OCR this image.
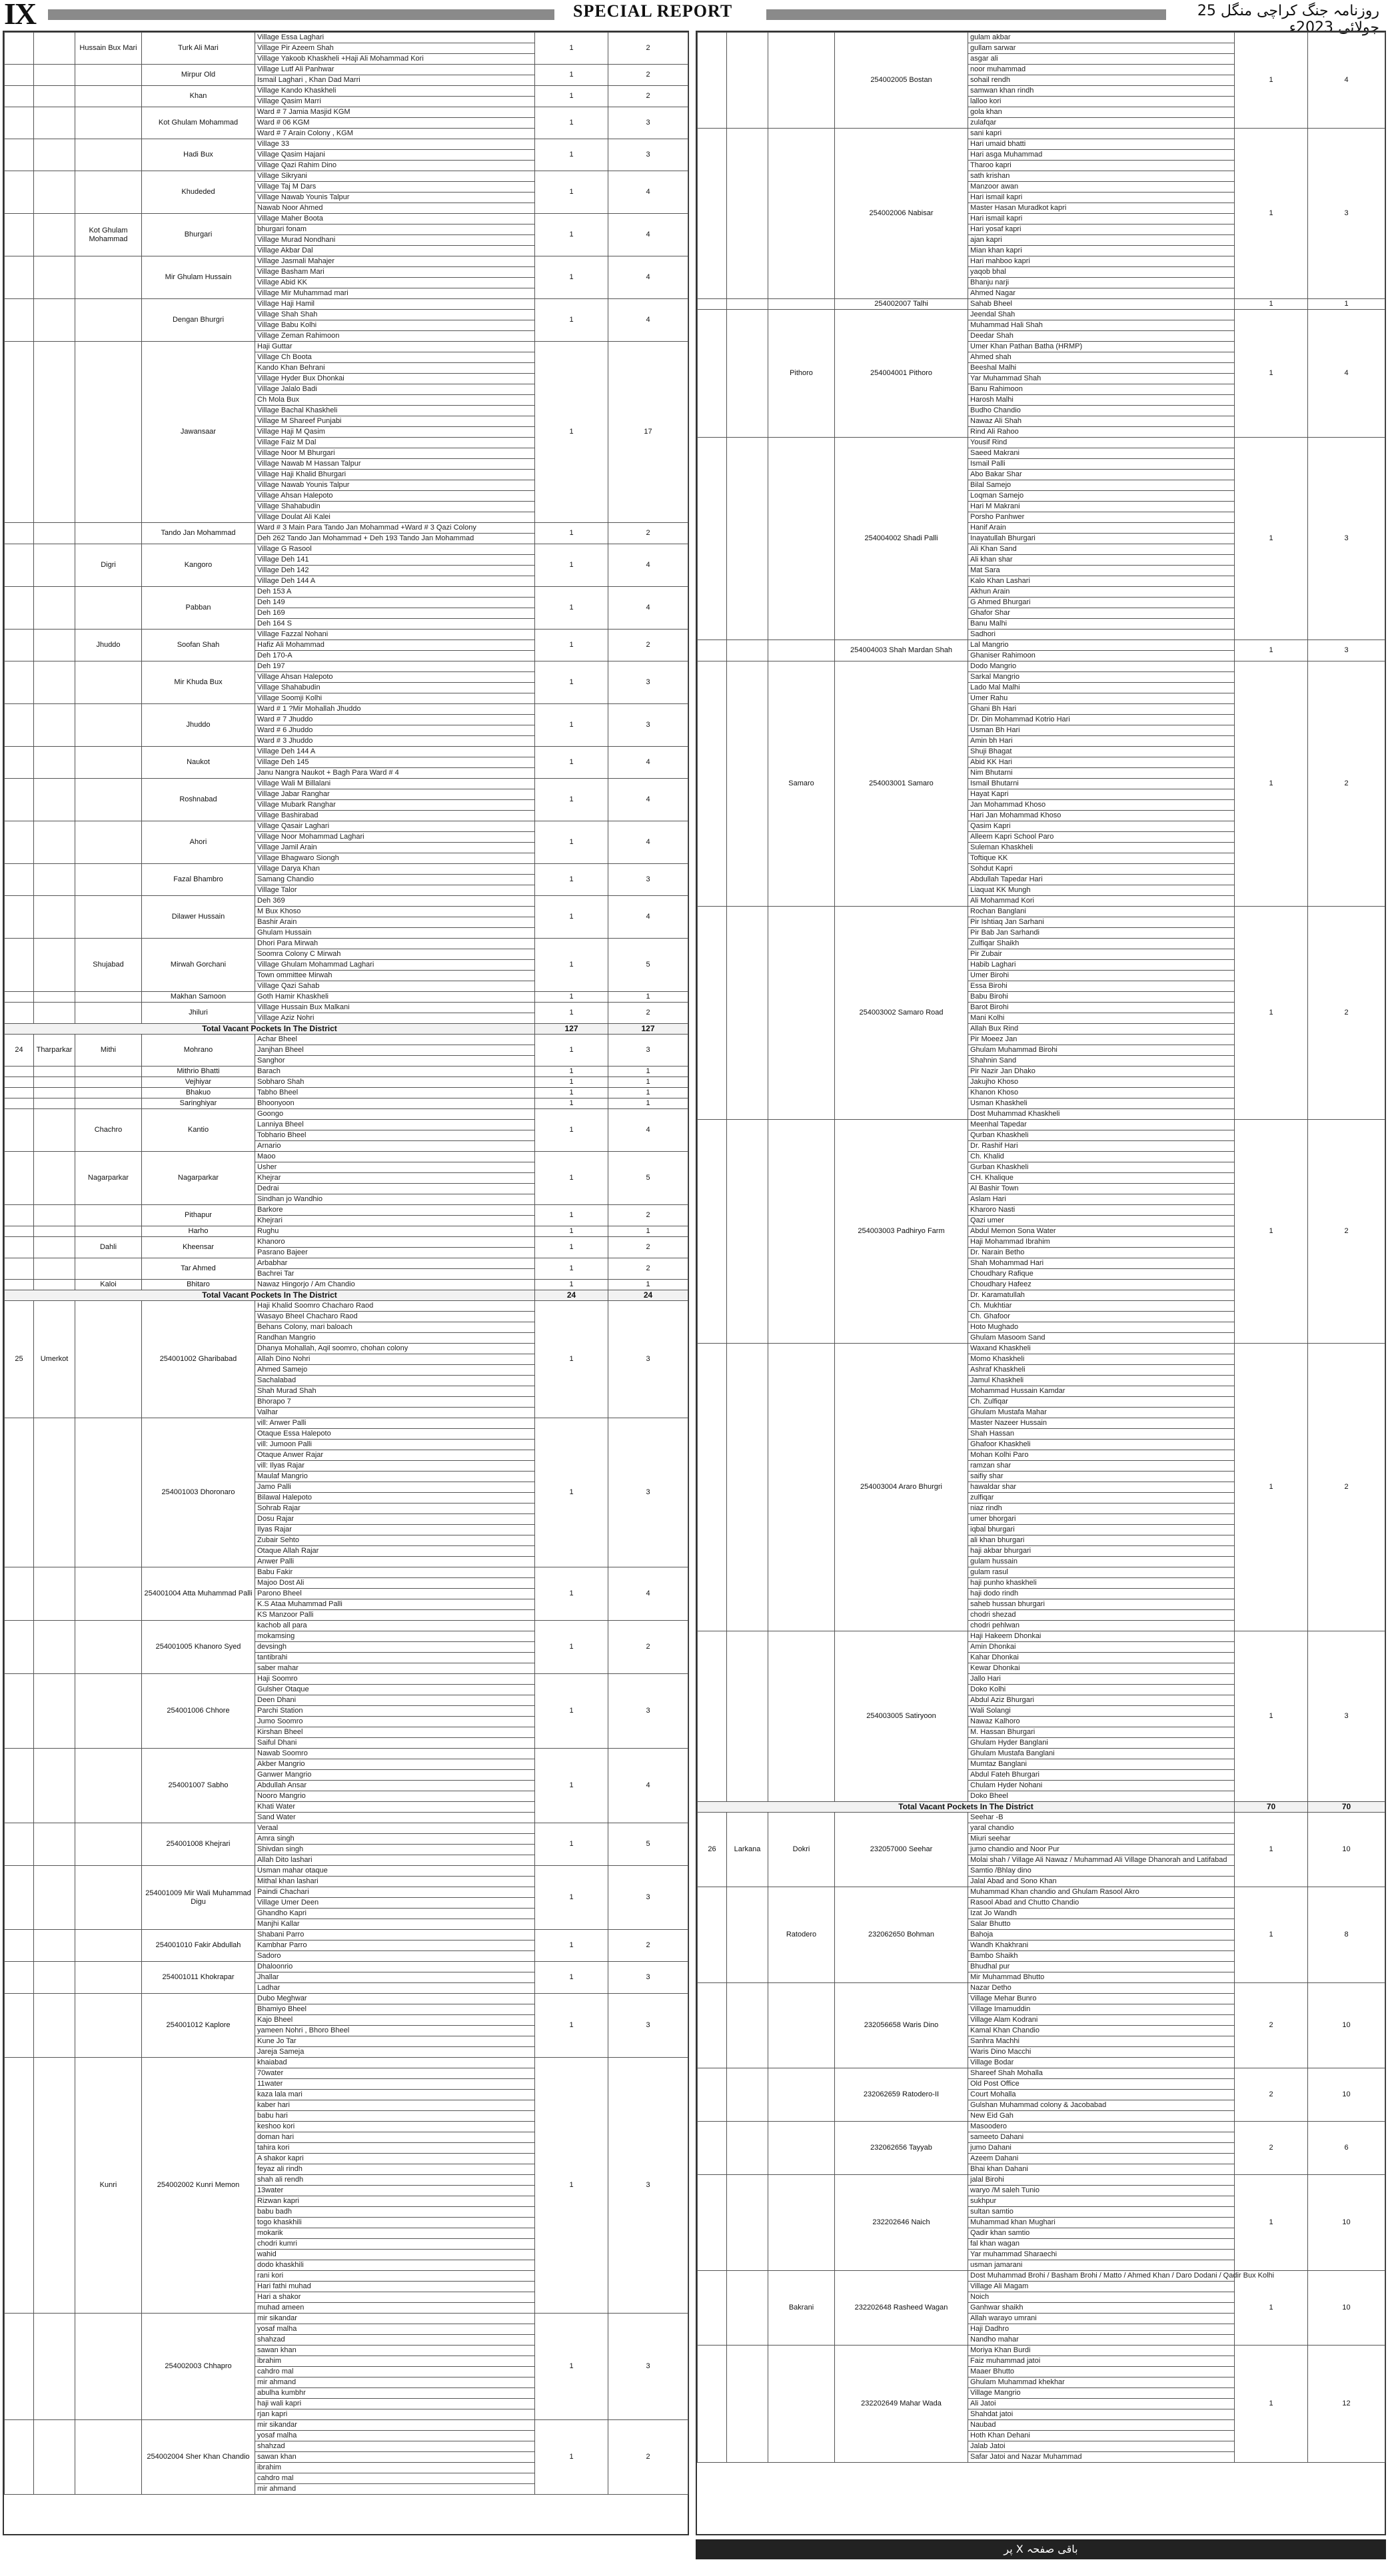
IX	SPECIAL REPORT	روزنامہ جنگ کراچی منگل 25 جولائی 2023ء
		Hussain Bux Mari	Turk Ali Mari	Village Essa Laghari	1	2
				Village Pir Azeem Shah		
				Village Yakoob Khaskheli +Haji Ali Mohammad Kori		
			Mirpur Old	Village Lutf Ali Panhwar	1	2
				Ismail Laghari , Khan Dad Marri		
			Khan	Village Kando Khaskheli	1	2
				Village Qasim Marri		
			Kot Ghulam Mohammad	Ward # 7 Jamia Masjid KGM	1	3
				Ward # 06 KGM		
				Ward # 7 Arain Colony , KGM		
			Hadi Bux	Village 33	1	3
				Village Qasim Hajani		
				Village Qazi Rahim Dino		
			Khudeded	Village Sikryani	1	4
				Village Taj M Dars		
				Village Nawab Younis Talpur		
				Nawab Noor Ahmed		
		Kot Ghulam Mohammad	Bhurgari	Village Maher Boota	1	4
				bhurgari fonam		
				Village Murad Nondhani		
				Village Akbar Dal		
			Mir Ghulam Hussain	Village Jasmali Mahajer	1	4
				Village Basham Mari		
				Village Abid KK		
				Village Mir Muhammad mari		
			Dengan Bhurgri	Village Haji Hamil	1	4
				Village Shah Shah		
				Village Babu Kolhi		
				Village Zeman Rahimoon		
			Jawansaar	Haji Guttar	1	17
				Village Ch Boota		
				Kando Khan Behrani		
				Village Hyder Bux Dhonkai		
				Village Jalalo Badi		
				Ch Mola Bux		
				Village Bachal Khaskheli		
				Village M Shareef Punjabi		
				Village Haji M Qasim		
				Village Faiz M Dal		
				Village Noor M Bhurgari		
				Village Nawab M Hassan Talpur		
				Village Haji Khalid Bhurgari		
				Village Nawab Younis Talpur		
				Village Ahsan Halepoto		
				Village Shahabudin		
				Village Doulat Ali Kalei		
			Tando Jan Mohammad	Ward # 3 Main Para Tando Jan Mohammad +Ward # 3 Qazi Colony	1	2
				Deh 262 Tando Jan Mohammad + Deh 193 Tando Jan Mohammad		
		Digri	Kangoro	Village G Rasool	1	4
				Village Deh 141		
				Village Deh 142		
				Village Deh 144 A		
			Pabban	Deh 153 A	1	4
				Deh 149		
				Deh 169		
				Deh 164 S		
		Jhuddo	Soofan Shah	Village Fazzal Nohani	1	2
				Hafiz Ali Mohammad		
				Deh 170-A		
			Mir Khuda Bux	Deh 197	1	3
				Village Ahsan Halepoto		
				Village Shahabudin		
				Village Soomji Kolhi		
			Jhuddo	Ward # 1 ?Mir Mohallah Jhuddo	1	3
				Ward # 7 Jhuddo		
				Ward # 6 Jhuddo		
				Ward # 3 Jhuddo		
			Naukot	Village Deh 144 A	1	4
				Village Deh 145		
				Janu Nangra Naukot + Bagh Para Ward # 4		
			Roshnabad	Village Wali M Billalani	1	4
				Village Jabar Ranghar		
				Village Mubark Ranghar		
				Village Bashirabad		
			Ahori	Village Qasair Laghari	1	4
				Village Noor Mohammad Laghari		
				Village Jamil Arain		
				Village Bhagwaro Siongh		
			Fazal Bhambro	Village Darya Khan	1	3
				Samang Chandio		
				Village Talor		
			Dilawer Hussain	Deh 369	1	4
				M Bux Khoso		
				Bashir Arain		
				Ghulam Hussain		
		Shujabad	Mirwah Gorchani	Dhori Para Mirwah	1	5
				Soomra Colony C Mirwah		
				Village Ghulam Mohammad Laghari		
				Town ommittee Mirwah		
				Village Qazi Sahab		
			Makhan Samoon	Goth Hamir Khaskheli	1	1
			Jhiluri	Village Hussain Bux Malkani	1	2
				Village Aziz Nohri		
Total Vacant Pockets In The District					127	127
24	Tharparkar	Mithi	Mohrano	Achar Bheel	1	3
				Janjhan Bheel		
				Sanghor		
			Mithrio Bhatti	Barach	1	1
			Vejhiyar	Sobharo Shah	1	1
			Bhakuo	Tabho Bheel	1	1
			Saringhiyar	Bhoonyoon	1	1
		Chachro	Kantio	Goongo	1	4
				Lanniya Bheel		
				Tobhario Bheel		
				Arnario		
		Nagarparkar	Nagarparkar	Maoo	1	5
				Usher		
				Khejrar		
				Dedrai		
				Sindhan jo Wandhio		
			Pithapur	Barkore	1	2
				Khejrari		
			Harho	Rughu	1	1
		Dahli	Kheensar	Khanoro	1	2
				Pasrano Bajeer		
			Tar Ahmed	Arbabhar	1	2
				Bachrei Tar		
		Kaloi	Bhitaro	Nawaz Hingorjo / Am Chandio	1	1
Total Vacant Pockets In The District					24	24
25	Umerkot		254001002 Gharibabad	Haji Khalid Soomro Chacharo Raod	1	3
				Wasayo Bheel Chacharo Raod		
				Behans Colony, mari baloach		
				Randhan Mangrio		
				Dhanya Mohallah, Aqil soomro, chohan colony		
				Allah Dino Nohri		
				Ahmed Samejo		
				Sachalabad		
				Shah Murad Shah		
				Bhorapo 7		
				Valhar		
			254001003 Dhoronaro	vill: Anwer Palli	1	3
				Otaque Essa Halepoto		
				vill: Jumoon Palli		
				Otaque Anwer Rajar		
				vill: Ilyas Rajar		
				Maulaf Mangrio		
				Jamo Palli		
				Bilawal Halepoto		
				Sohrab Rajar		
				Dosu Rajar		
				Ilyas Rajar		
				Zubair Sehto		
				Otaque Allah Rajar		
				Anwer Palli		
			254001004 Atta Muhammad Palli	Babu Fakir	1	4
				Majoo Dost Ali		
				Parono Bheel		
				K.S Ataa Muhammad Palli		
				KS Manzoor Palli		
			254001005 Khanoro Syed	kachob all para	1	2
				mokamsing		
				devsingh		
				tantibrahi		
				saber mahar		
			254001006 Chhore	Haji Soomro	1	3
				Gulsher Otaque		
				Deen Dhani		
				Parchi Station		
				Jumo Soomro		
				Kirshan Bheel		
				Saiful Dhani		
			254001007 Sabho	Nawab Soomro	1	4
				Akber Mangrio		
				Ganwer Mangrio		
				Abdullah Ansar		
				Nooro Mangrio		
				Khati Water		
				Sand Water		
			254001008 Khejrari	Veraal	1	5
				Amra singh		
				Shivdan singh		
				Allah Dito lashari		
			254001009 Mir Wali Muhammad Digu	Usman mahar otaque	1	3
				Mithal khan lashari		
				Paindi Chachari		
				Village Umer Deen		
				Ghandho Kapri		
				Manjhi Kallar		
			254001010 Fakir Abdullah	Shabani Parro	1	2
				Kambhar Parro		
				Sadoro		
			254001011 Khokrapar	Dhaloonrio	1	3
				Jhallar		
				Ladhar		
			254001012 Kaplore	Dubo Meghwar	1	3
				Bhamiyo Bheel		
				Kajo Bheel		
				yameen Nohri , Bhoro Bheel		
				Kune Jo Tar		
				Jareja Sameja		
		Kunri	254002002 Kunri Memon	khaiabad	1	3
				70water		
				11water		
				kaza lala mari		
				kaber hari		
				babu hari		
				keshoo kori		
				doman hari		
				tahira kori		
				A shakor kapri		
				feyaz ali rindh		
				shah ali rendh		
				13water		
				Rizwan kapri		
				babu badh		
				togo khaskhili		
				mokarik		
				chodri kumri		
				wahid		
				dodo khaskhili		
				rani kori		
				Hari fathi muhad		
				Hari a shakor		
				muhad ameen		
			254002003 Chhapro	mir sikandar	1	3
				yosaf malha		
				shahzad		
				sawan khan		
				ibrahim		
				cahdro mal		
				mir ahmand		
				abulha kumbhr		
				haji wali kapri		
				rjan kapri		
			254002004 Sher Khan Chandio	mir sikandar	1	2
				yosaf malha		
				shahzad		
				sawan khan		
				ibrahim		
				cahdro mal		
				mir ahmand		
			254002005 Bostan	gulam akbar	1	4
				gullam sarwar		
				asgar ali		
				noor muhammad		
				sohail rendh		
				samwan khan rindh		
				lalloo kori		
				gola khan		
				zulafqar		
			254002006 Nabisar	sani kapri	1	3
				Hari umaid bhatti		
				Hari asga Muhammad		
				Tharoo kapri		
				sath krishan		
				Manzoor awan		
				Hari ismail kapri		
				Master Hasan Muradkot kapri		
				Hari ismail kapri		
				Hari yosaf kapri		
				ajan kapri		
				Mian khan kapri		
				Hari mahboo kapri		
				yaqob bhal		
				Bhanju narji		
				Ahmed Nagar		
			254002007 Talhi	Sahab Bheel	1	1
		Pithoro	254004001 Pithoro	Jeendal Shah	1	4
				Muhammad Hali Shah		
				Deedar Shah		
				Umer Khan Pathan Batha (HRMP)		
				Ahmed shah		
				Beeshal Malhi		
				Yar Muhammad Shah		
				Banu Rahimoon		
				Harosh Malhi		
				Budho Chandio		
				Nawaz Ali Shah		
				Rind Ali Rahoo		
			254004002 Shadi Palli	Yousif Rind	1	3
				Saeed Makrani		
				Ismail Palli		
				Abo Bakar Shar		
				Bilal Samejo		
				Loqman Samejo		
				Hari M Makrani		
				Porsho Panhwer		
				Hanif Arain		
				Inayatullah Bhurgari		
				Ali Khan Sand		
				Ali khan shar		
				Mat Sara		
				Kalo Khan Lashari		
				Akhun Arain		
				G Ahmed Bhurgari		
				Ghafor Shar		
				Banu Malhi		
				Sadhori		
			254004003 Shah Mardan Shah	Lal Mangrio	1	3
				Ghaniser Rahimoon		
		Samaro	254003001 Samaro	Dodo Mangrio	1	2
				Sarkal Mangrio		
				Lado Mal Malhi		
				Umer Rahu		
				Ghani Bh Hari		
				Dr. Din Mohammad Kotrio Hari		
				Usman Bh Hari		
				Amin bh Hari		
				Shuji Bhagat		
				Abid KK Hari		
				Nim Bhutarni		
				Ismail Bhutarni		
				Hayat Kapri		
				Jan Mohammad Khoso		
				Hari Jan Mohammad Khoso		
				Qasim Kapri		
				Alleem Kapri School Paro		
				Suleman Khaskheli		
				Toftique KK		
				Sohdut Kapri		
				Abdullah Tapedar Hari		
				Liaquat KK Mungh		
				Ali Mohammad Kori		
			254003002 Samaro Road	Rochan Banglani	1	2
				Pir Ishtiaq Jan Sarhani		
				Pir Bab Jan Sarhandi		
				Zulfiqar Shaikh		
				Pir Zubair		
				Habib Laghari		
				Umer Birohi		
				Essa Birohi		
				Babu Birohi		
				Barot Birohi		
				Mani Kolhi		
				Allah Bux Rind		
				Pir Moeez Jan		
				Ghulam Muhammad Birohi		
				Shahnin Sand		
				Pir Nazir Jan Dhako		
				Jakujho Khoso		
				Khanon Khoso		
				Usman Khaskheli		
				Dost Muhammad Khaskheli		
			254003003 Padhiryo Farm	Meenhal Tapedar	1	2
				Qurban Khaskheli		
				Dr. Rashif Hari		
				Ch. Khalid		
				Gurban Khaskheli		
				CH. Khalique		
				Al Bashir Town		
				Aslam Hari		
				Kharoro Nasti		
				Qazi umer		
				Abdul Memon Sona Water		
				Haji Mohammad Ibrahim		
				Dr. Narain Betho		
				Shah Mohammad Hari		
				Choudhary Rafique		
				Choudhary Hafeez		
				Dr. Karamatullah		
				Ch. Mukhtiar		
				Ch. Ghafoor		
				Hoto Mughado		
				Ghulam Masoom Sand		
			254003004 Araro Bhurgri	Waxand Khaskheli	1	2
				Momo Khaskheli		
				Ashraf Khaskheli		
				Jamul Khaskheli		
				Mohammad Hussain Kamdar		
				Ch. Zulfiqar		
				Ghulam Mustafa Mahar		
				Master Nazeer Hussain		
				Shah Hassan		
				Ghafoor Khaskheli		
				Mohan Kolhi Paro		
				ramzan shar		
				saifiy shar		
				hawaldar shar		
				zulfiqar		
				niaz rindh		
				umer bhorgari		
				iqbal bhurgari		
				ali khan bhurgari		
				haji akbar bhurgari		
				gulam hussain		
				gulam rasul		
				haji punho khaskheli		
				haji dodo rindh		
				saheb hussan bhurgari		
				chodri shezad		
				chodri pehlwan		
			254003005 Satiryoon	Haji Hakeem Dhonkai	1	3
				Amin Dhonkai		
				Kahar Dhonkai		
				Kewar Dhonkai		
				Jallo Hari		
				Doko Kolhi		
				Abdul Aziz Bhurgari		
				Wali Solangi		
				Nawaz Kalhoro		
				M. Hassan Bhurgari		
				Ghulam Hyder Banglani		
				Ghulam Mustafa Banglani		
				Mumtaz Banglani		
				Abdul Fateh Bhurgari		
				Chulam Hyder Nohani		
				Doko Bheel		
Total Vacant Pockets In The District					70	70
26	Larkana	Dokri	232057000 Seehar	Seehar -B	1	10
				yaral chandio		
				Miuri seehar		
				jumo chandio and Noor Pur		
				Molai shah / Village Ali Nawaz / Muhammad Ali Village Dhanorah and Latifabad		
				Samtio /Bhlay dino		
				Jalal Abad and Sono Khan		
		Ratodero	232062650 Bohman	Muhammad Khan chandio and Ghulam Rasool Akro	1	8
				Rasool Abad and Chutto Chandio		
				Izat Jo Wandh		
				Salar Bhutto		
				Bahoja		
				Wandh Khakhrani		
				Bambo Shaikh		
				Bhudhal pur		
				Mir Muhammad Bhutto		
			232056658 Waris Dino	Nazar Detho	2	10
				Village Mehar Bunro		
				Village Imamuddin		
				Village Alam Kodrani		
				Kamal Khan Chandio		
				Sanhra Machhi		
				Waris Dino Macchi		
				Village Bodar		
			232062659 Ratodero-II	Shareef Shah Mohalla	2	10
				Old Post Office		
				Court Mohalla		
				Gulshan Muhammad colony & Jacobabad		
				New Eid Gah		
			232062656 Tayyab	Masoodero	2	6
				sameeto Dahani		
				jumo Dahani		
				Azeem Dahani		
				Bhai khan Dahani		
			232202646 Naich	jalal Birohi	1	10
				waryo /M saleh Tunio		
				sukhpur		
				sultan samtio		
				Muhammad khan Mughari		
				Qadir khan samtio		
				fal khan wagan		
				Yar muhammad Sharaechi		
				usman jamarani		
		Bakrani	232202648 Rasheed Wagan	Dost Muhammad Brohi / Basham Brohi / Matto / Ahmed Khan / Daro Dodani / Qadir Bux Kolhi	1	10
				Village Ali Magam		
				Noich		
				Ganhwar shaikh		
				Allah warayo umrani		
				Haji Dadhro		
				Nandho mahar		
			232202649 Mahar Wada	Moriya Khan Burdi	1	12
				Faiz muhammad jatoi		
				Maaer Bhutto		
				Ghulam Muhammad khekhar		
				Village Mangrio		
				Ali Jatoi		
				Shahdat jatoi		
				Naubad		
				Hoth Khan Dehani		
				Jalab Jatoi		
				Safar Jatoi and Nazar Muhammad		
باقی صفحہ X پر
